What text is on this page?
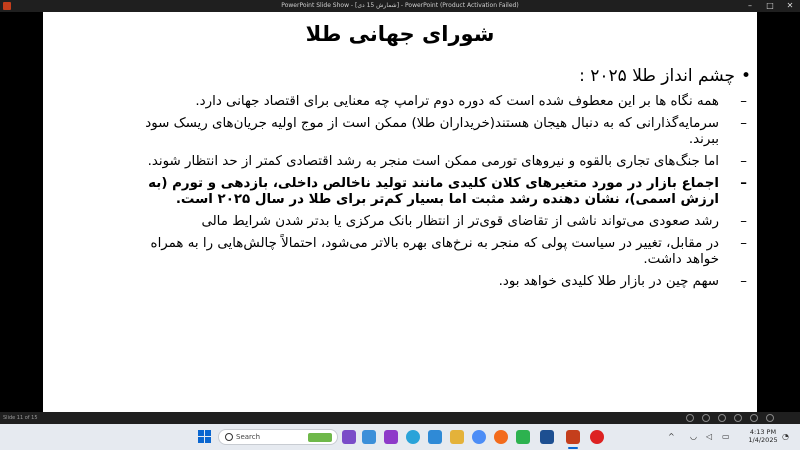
PowerPoint Slide Show - [شمارش 15 دی] - PowerPoint (Product Activation Failed)	–	□	✕
شورای جهانی طلا
•
چشم انداز طلا ۲۰۲۵ :
–
همه نگاه ها بر این معطوف شده است که دوره دوم ترامپ چه معنایی برای اقتصاد جهانی دارد.
–
سرمایه‌گذارانی که به دنبال هیجان هستند(خریداران طلا) ممکن است از موج اولیه جریان‌های ریسک سود ببرند.
–
اما جنگ‌های تجاری بالقوه و نیروهای تورمی ممکن است منجر به رشد اقتصادی کمتر از حد انتظار شوند.
–
اجماع بازار در مورد متغیرهای کلان کلیدی مانند تولید ناخالص داخلی، بازدهی و تورم (به ارزش اسمی)، نشان دهنده رشد مثبت اما بسیار کم‌تر برای طلا در سال ۲۰۲۵ است.
–
رشد صعودی می‌تواند ناشی از تقاضای قوی‌تر از انتظار بانک مرکزی یا بدتر شدن شرایط مالی
–
در مقابل، تغییر در سیاست پولی که منجر به نرخ‌های بهره بالاتر می‌شود، احتمالاً چالش‌هایی را به همراه خواهد داشت.
–
سهم چین در بازار طلا کلیدی خواهد بود.
Slide 11 of 15
Search	^ ◡ ◁ ▭	4:13 PM
1/4/2025 ◔
